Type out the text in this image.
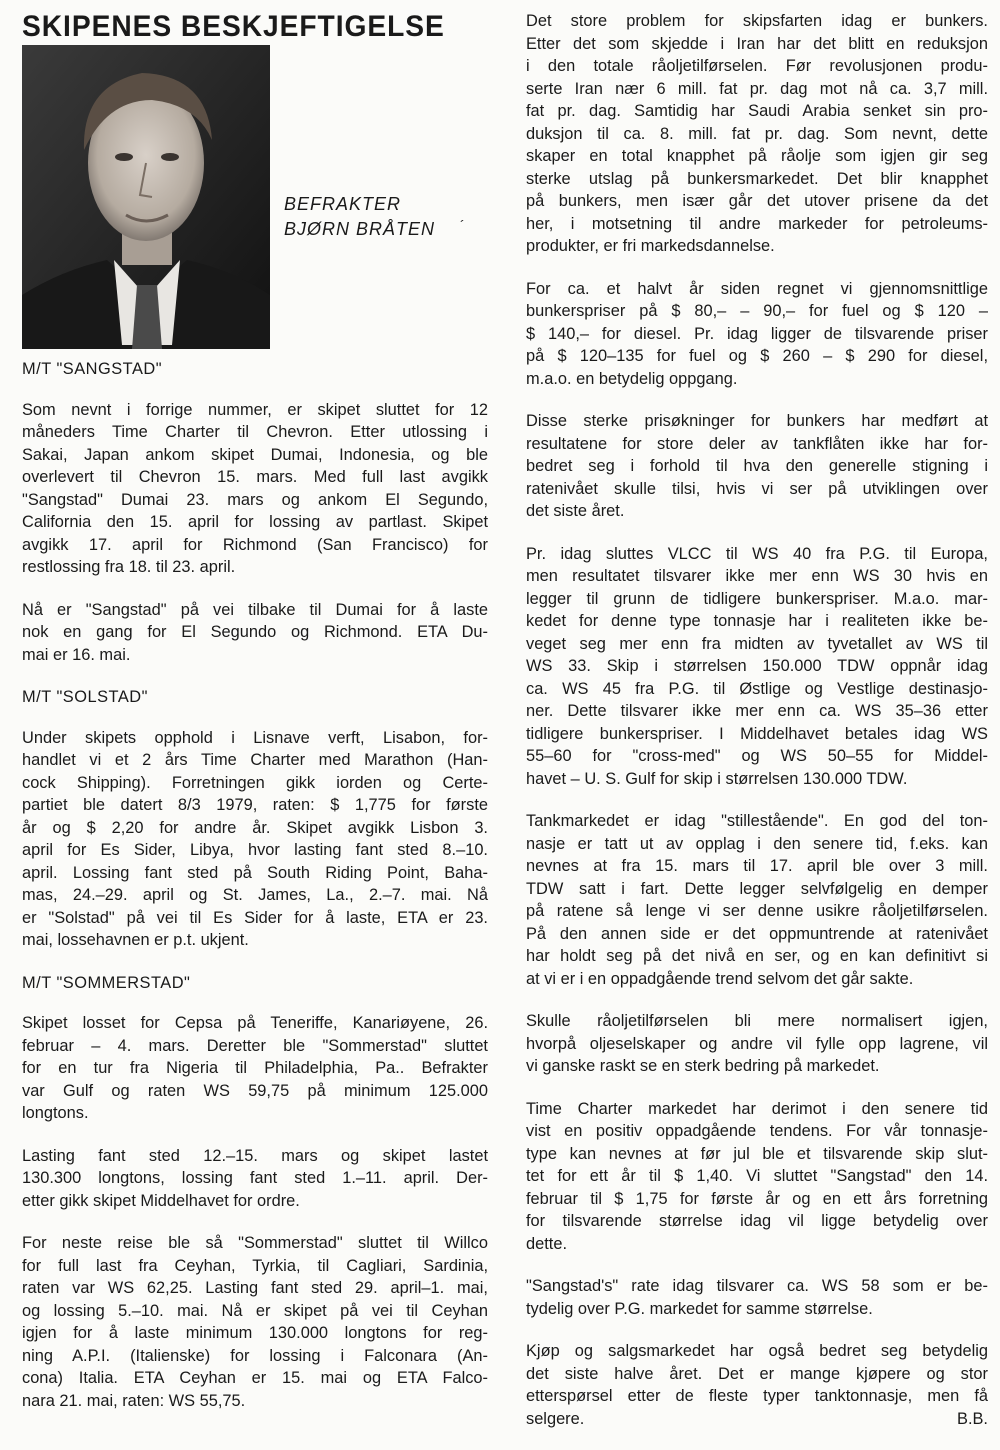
SKIPENES BESKJEFTIGELSE
BEFRAKTER
BJØRN BRÅTEN ´
M/T "SANGSTAD"

Som nevnt i forrige nummer, er skipet sluttet for 12
måneders Time Charter til Chevron. Etter utlossing i
Sakai, Japan ankom skipet Dumai, Indonesia, og ble
overlevert til Chevron 15. mars. Med full last avgikk
"Sangstad" Dumai 23. mars og ankom El Segundo,
California den 15. april for lossing av partlast. Skipet
avgikk 17. april for Richmond (San Francisco) for
restlossing fra 18. til 23. april.

Nå er "Sangstad" på vei tilbake til Dumai for å laste
nok en gang for El Segundo og Richmond. ETA Du-
mai er 16. mai.

M/T "SOLSTAD"

Under skipets opphold i Lisnave verft, Lisabon, for-
handlet vi et 2 års Time Charter med Marathon (Han-
cock Shipping). Forretningen gikk iorden og Certe-
partiet ble datert 8/3 1979, raten: $ 1,775 for første
år og $ 2,20 for andre år. Skipet avgikk Lisbon 3.
april for Es Sider, Libya, hvor lasting fant sted 8.–10.
april. Lossing fant sted på South Riding Point, Baha-
mas, 24.–29. april og St. James, La., 2.–7. mai. Nå
er "Solstad" på vei til Es Sider for å laste, ETA er 23.
mai, lossehavnen er p.t. ukjent.

M/T "SOMMERSTAD"

Skipet losset for Cepsa på Teneriffe, Kanariøyene, 26.
februar – 4. mars. Deretter ble "Sommerstad" sluttet
for en tur fra Nigeria til Philadelphia, Pa.. Befrakter
var Gulf og raten WS 59,75 på minimum 125.000
longtons.

Lasting fant sted 12.–15. mars og skipet lastet
130.300 longtons, lossing fant sted 1.–11. april. Der-
etter gikk skipet Middelhavet for ordre.

For neste reise ble så "Sommerstad" sluttet til Willco
for full last fra Ceyhan, Tyrkia, til Cagliari, Sardinia,
raten var WS 62,25. Lasting fant sted 29. april–1. mai,
og lossing 5.–10. mai. Nå er skipet på vei til Ceyhan
igjen for å laste minimum 130.000 longtons for reg-
ning A.P.I. (Italienske) for lossing i Falconara (An-
cona) Italia. ETA Ceyhan er 15. mai og ETA Falco-
nara 21. mai, raten: WS 55,75.

Det store problem for skipsfarten idag er bunkers.
Etter det som skjedde i Iran har det blitt en reduksjon
i den totale råoljetilførselen. Før revolusjonen produ-
serte Iran nær 6 mill. fat pr. dag mot nå ca. 3,7 mill.
fat pr. dag. Samtidig har Saudi Arabia senket sin pro-
duksjon til ca. 8. mill. fat pr. dag. Som nevnt, dette
skaper en total knapphet på råolje som igjen gir seg
sterke utslag på bunkersmarkedet. Det blir knapphet
på bunkers, men især går det utover prisene da det
her, i motsetning til andre markeder for petroleums-
produkter, er fri markedsdannelse.

For ca. et halvt år siden regnet vi gjennomsnittlige
bunkerspriser på $ 80,– – 90,– for fuel og $ 120 –
$ 140,– for diesel. Pr. idag ligger de tilsvarende priser
på $ 120–135 for fuel og $ 260 – $ 290 for diesel,
m.a.o. en betydelig oppgang.

Disse sterke prisøkninger for bunkers har medført at
resultatene for store deler av tankflåten ikke har for-
bedret seg i forhold til hva den generelle stigning i
ratenivået skulle tilsi, hvis vi ser på utviklingen over
det siste året.

Pr. idag sluttes VLCC til WS 40 fra P.G. til Europa,
men resultatet tilsvarer ikke mer enn WS 30 hvis en
legger til grunn de tidligere bunkerspriser. M.a.o. mar-
kedet for denne type tonnasje har i realiteten ikke be-
veget seg mer enn fra midten av tyvetallet av WS til
WS 33. Skip i størrelsen 150.000 TDW oppnår idag
ca. WS 45 fra P.G. til Østlige og Vestlige destinasjo-
ner. Dette tilsvarer ikke mer enn ca. WS 35–36 etter
tidligere bunkerspriser. I Middelhavet betales idag WS
55–60 for "cross-med" og WS 50–55 for Middel-
havet – U. S. Gulf for skip i størrelsen 130.000 TDW.

Tankmarkedet er idag "stillestående". En god del ton-
nasje er tatt ut av opplag i den senere tid, f.eks. kan
nevnes at fra 15. mars til 17. april ble over 3 mill.
TDW satt i fart. Dette legger selvfølgelig en demper
på ratene så lenge vi ser denne usikre råoljetilførselen.
På den annen side er det oppmuntrende at ratenivået
har holdt seg på det nivå en ser, og en kan definitivt si
at vi er i en oppadgående trend selvom det går sakte.

Skulle råoljetilførselen bli mere normalisert igjen,
hvorpå oljeselskaper og andre vil fylle opp lagrene, vil
vi ganske raskt se en sterk bedring på markedet.

Time Charter markedet har derimot i den senere tid
vist en positiv oppadgående tendens. For vår tonnasje-
type kan nevnes at før jul ble et tilsvarende skip slut-
tet for ett år til $ 1,40. Vi sluttet "Sangstad" den 14.
februar til $ 1,75 for første år og en ett års forretning
for tilsvarende størrelse idag vil ligge betydelig over
dette.

"Sangstad's" rate idag tilsvarer ca. WS 58 som er be-
tydelig over P.G. markedet for samme størrelse.

Kjøp og salgsmarkedet har også bedret seg betydelig
det siste halve året. Det er mange kjøpere og stor
etterspørsel etter de fleste typer tanktonnasje, men få
selgere.	B.B.
